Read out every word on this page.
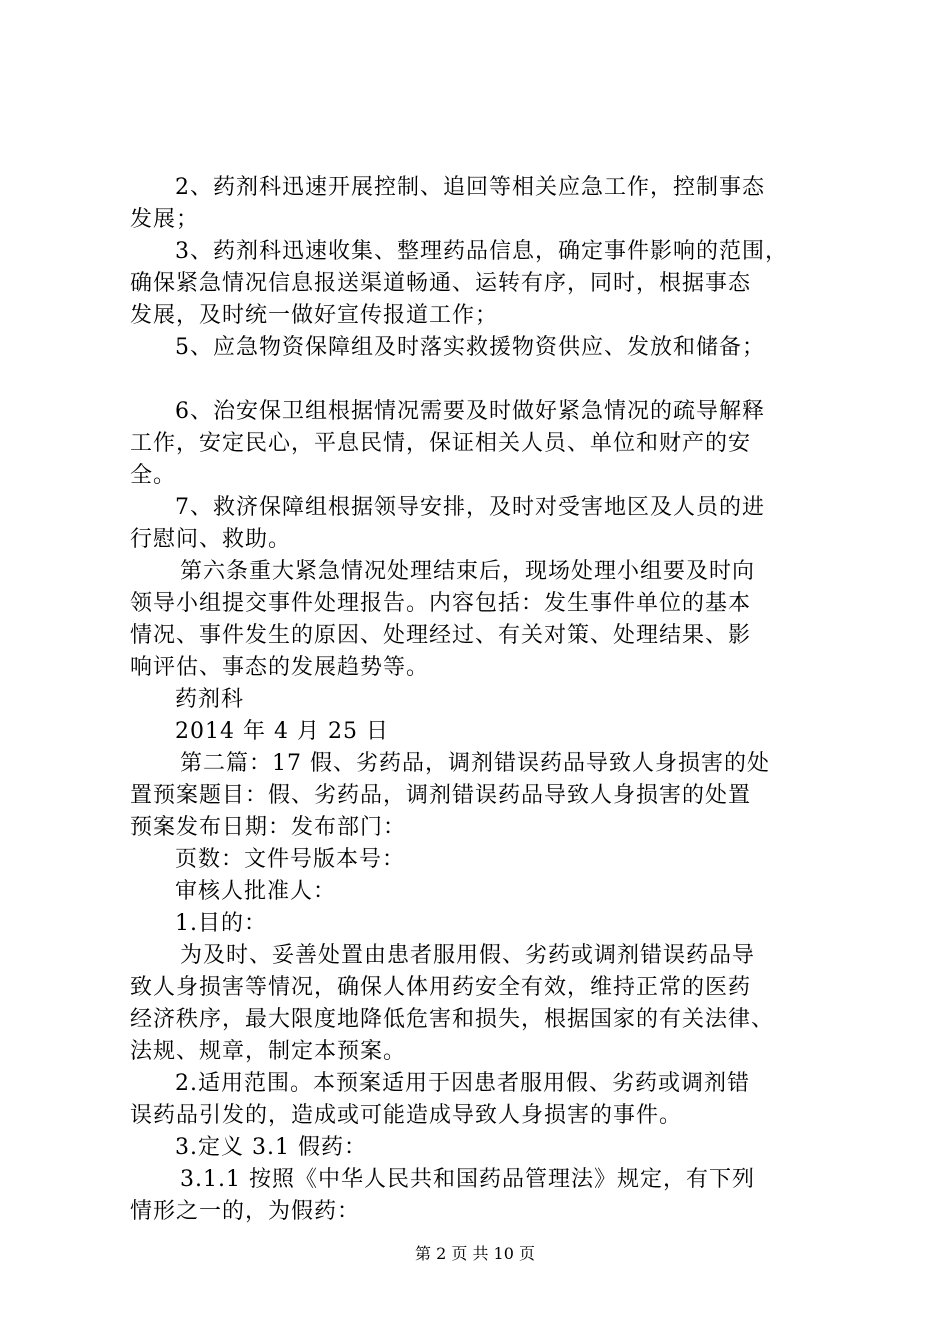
2、药剂科迅速开展控制、追回等相关应急工作，控制事态
发展；
3、药剂科迅速收集、整理药品信息，确定事件影响的范围，
确保紧急情况信息报送渠道畅通、运转有序，同时，根据事态
发展，及时统一做好宣传报道工作；
5、应急物资保障组及时落实救援物资供应、发放和储备；
6、治安保卫组根据情况需要及时做好紧急情况的疏导解释
工作，安定民心，平息民情，保证相关人员、单位和财产的安
全。
7、救济保障组根据领导安排，及时对受害地区及人员的进
行慰问、救助。
第六条重大紧急情况处理结束后，现场处理小组要及时向
领导小组提交事件处理报告。内容包括：发生事件单位的基本
情况、事件发生的原因、处理经过、有关对策、处理结果、影
响评估、事态的发展趋势等。
药剂科
2014 年 4 月 25 日
第二篇：17 假、劣药品，调剂错误药品导致人身损害的处
置预案题目：假、劣药品，调剂错误药品导致人身损害的处置
预案发布日期：发布部门：
页数：文件号版本号：
审核人批准人：
1.目的：
为及时、妥善处置由患者服用假、劣药或调剂错误药品导
致人身损害等情况，确保人体用药安全有效，维持正常的医药
经济秩序，最大限度地降低危害和损失，根据国家的有关法律、
法规、规章，制定本预案。
2.适用范围。本预案适用于因患者服用假、劣药或调剂错
误药品引发的，造成或可能造成导致人身损害的事件。
3.定义 3.1 假药：
3.1.1 按照《中华人民共和国药品管理法》规定，有下列
情形之一的，为假药：
第 2 页 共 10 页
